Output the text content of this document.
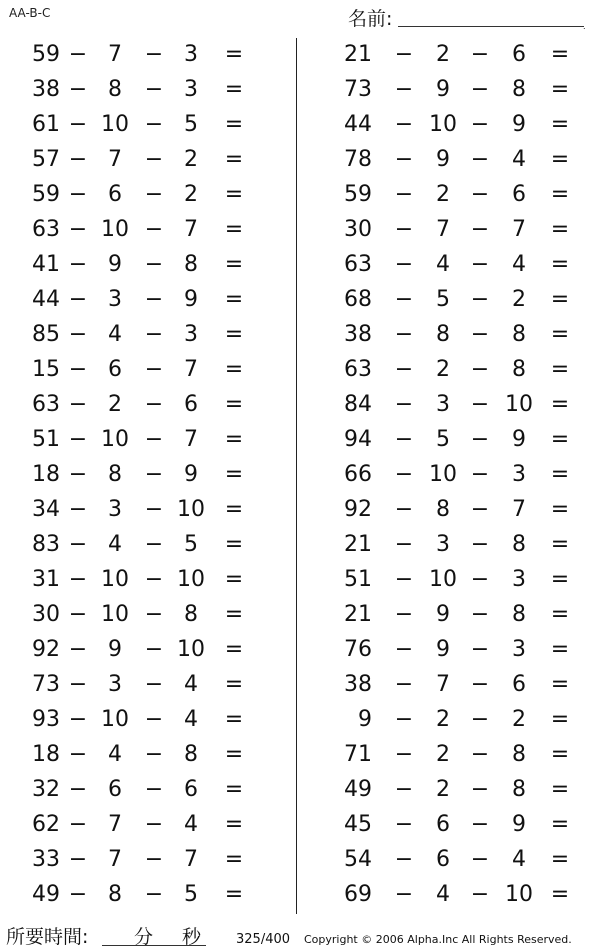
AA-B-C	名前:	.
59 − 7	− 3	=
38 − 8	− 3	=
61 − 10 − 5	=
57 − 7	− 2	=
59 − 6	− 2	=
63 − 10 − 7	=
41 − 9	− 8	=
44 − 3	− 9	=
85 − 4	− 3	=
15 − 6	− 7	=
63 − 2	− 6	=
51 − 10 − 7	=
18 − 8	− 9	=
34 − 3	− 10 =
83 − 4	− 5	=
31 − 10 − 10 =
30 − 10 − 8	=
92 − 9	− 10 =
73 − 3	− 4	=
93 − 10 − 4	=
18 − 4	− 8	=
32 − 6	− 6	=
62 − 7	− 4	=
33 − 7	− 7	=
49 − 8	− 5	=
21 −	2 −	6	=
73 −	9 −	8	=
44 − 10 −	9	=
78 −	9 −	4	=
59 −	2 −	6	=
30 −	7 −	7	=
63 −	4 −	4	=
68 −	5 −	2	=
38 −	8 −	8	=
63 −	2 −	8	=
84 −	3 − 10 =
94 −	5 −	9	=
66 − 10 −	3	=
92 −	8 −	7	=
21 −	3 −	8	=
51 − 10 −	3	=
21 −	9 −	8	=
76 −	9 −	3	=
38 −	7 −	6	=
9 −	2 −	2	=
71 −	2 −	8	=
49 −	2 −	8	=
45 −	6 −	9	=
54 −	6 −	4	=
69 −	4 − 10 =
所要時間: 分 秒	325/400 Copyright © 2006 Alpha.Inc All Rights Reserved.
